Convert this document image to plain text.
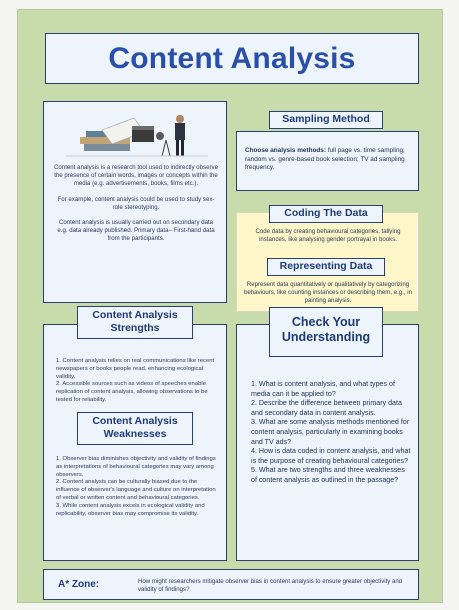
Content Analysis

Content analysis is a research tool used to indirectly observe the presence of certain words, images or concepts within the media (e.g. advertisements, books, films etc.).

For example, content analysis could be used to study sex-role stereotyping.

Content analysis is usually carried out on secondary data e.g. data already published. Primary data– First-hand data from the participants.

Choose analysis methods: full page vs. time sampling; random vs. genre-based book selection; TV ad sampling frequency.
Sampling Method
Code data by creating behavioural categories, tallying instances, like analysing gender portrayal in books.
Represent data quantitatively or qualitatively by categorizing behaviours, like counting instances or describing them, e.g., in painting analysis.
Coding The Data
Representing Data
1. Content analysis relies on real communications like recent newspapers or books people read, enhancing ecological validity.
2. Accessible sources such as videos of speeches enable replication of content analysis, allowing observations to be tested for reliability.
1. Observer bias diminishes objectivity and validity of findings as interpretations of behavioural categories may vary among observers.
2. Content analysis can be culturally biased due to the influence of observer's language and culture on interpretation of verbal or written content and behavioural categories.
3. While content analysis excels in ecological validity and replicability, observer bias may compromise its validity.
Content Analysis Strengths
Content Analysis Weaknesses
1. What is content analysis, and what types of media can it be applied to?
2. Describe the difference between primary data and secondary data in content analysis.
3. What are some analysis methods mentioned for content analysis, particularly in examining books and TV ads?
4. How is data coded in content analysis, and what is the purpose of creating behavioural categories?
5. What are two strengths and three weaknesses of content analysis as outlined in the passage?
Check Your Understanding
A* Zone:	How might researchers mitigate observer bias in content analysis to ensure greater objectivity and validity of findings?
